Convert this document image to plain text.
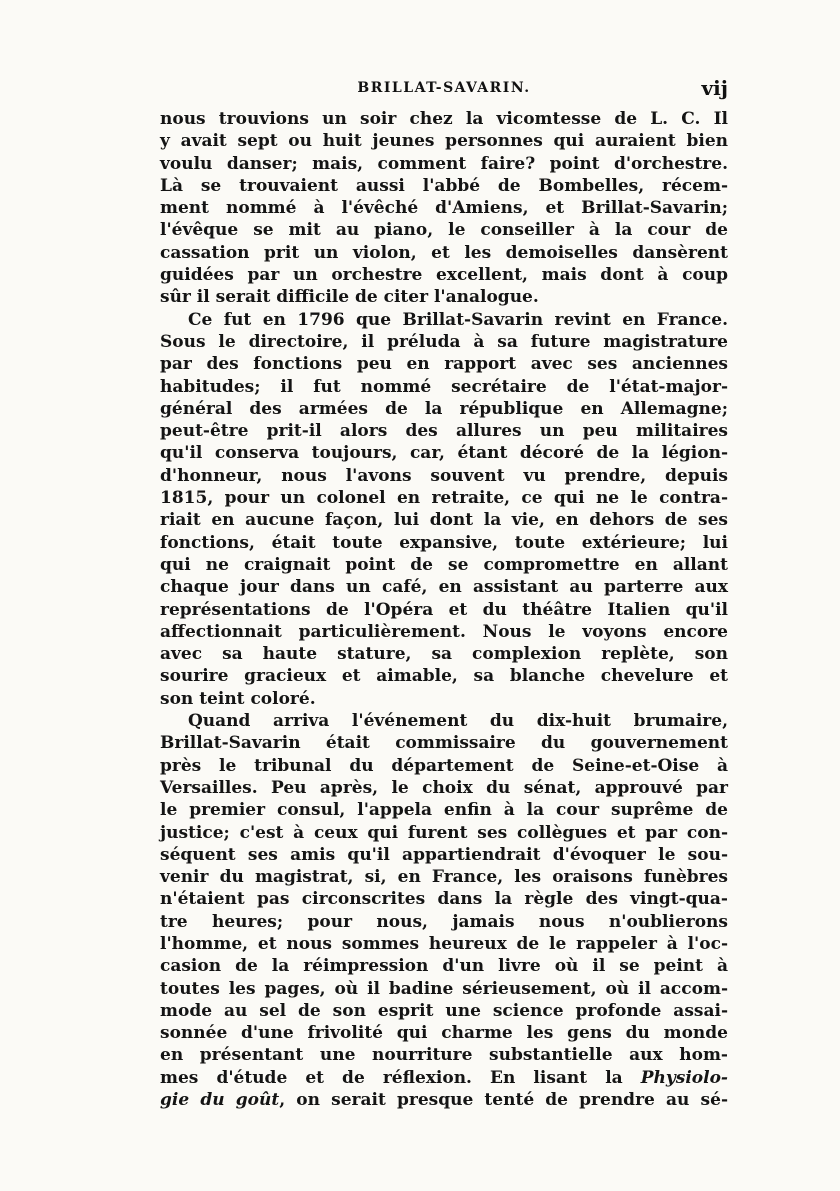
BRILLAT-SAVARIN.	vij

nous trouvions un soir chez la vicomtesse de L. C. Il
y avait sept ou huit jeunes personnes qui auraient bien
voulu danser; mais, comment faire? point d'orchestre.
Là se trouvaient aussi l'abbé de Bombelles, récem-
ment nommé à l'évêché d'Amiens, et Brillat-Savarin;
l'évêque se mit au piano, le conseiller à la cour de
cassation prit un violon, et les demoiselles dansèrent
guidées par un orchestre excellent, mais dont à coup
sûr il serait difficile de citer l'analogue.

Ce fut en 1796 que Brillat-Savarin revint en France.
Sous le directoire, il préluda à sa future magistrature
par des fonctions peu en rapport avec ses anciennes
habitudes; il fut nommé secrétaire de l'état-major-
général des armées de la république en Allemagne;
peut-être prit-il alors des allures un peu militaires
qu'il conserva toujours, car, étant décoré de la légion-
d'honneur, nous l'avons souvent vu prendre, depuis
1815, pour un colonel en retraite, ce qui ne le contra-
riait en aucune façon, lui dont la vie, en dehors de ses
fonctions, était toute expansive, toute extérieure; lui
qui ne craignait point de se compromettre en allant
chaque jour dans un café, en assistant au parterre aux
représentations de l'Opéra et du théâtre Italien qu'il
affectionnait particulièrement. Nous le voyons encore
avec sa haute stature, sa complexion replète, son
sourire gracieux et aimable, sa blanche chevelure et
son teint coloré.

Quand arriva l'événement du dix-huit brumaire,
Brillat-Savarin était commissaire du gouvernement
près le tribunal du département de Seine-et-Oise à
Versailles. Peu après, le choix du sénat, approuvé par
le premier consul, l'appela enfin à la cour suprême de
justice; c'est à ceux qui furent ses collègues et par con-
séquent ses amis qu'il appartiendrait d'évoquer le sou-
venir du magistrat, si, en France, les oraisons funèbres
n'étaient pas circonscrites dans la règle des vingt-qua-
tre heures; pour nous, jamais nous n'oublierons
l'homme, et nous sommes heureux de le rappeler à l'oc-
casion de la réimpression d'un livre où il se peint à
toutes les pages, où il badine sérieusement, où il accom-
mode au sel de son esprit une science profonde assai-
sonnée d'une frivolité qui charme les gens du monde
en présentant une nourriture substantielle aux hom-
mes d'étude et de réflexion. En lisant la Physiolo-
gie du goût, on serait presque tenté de prendre au sé-
